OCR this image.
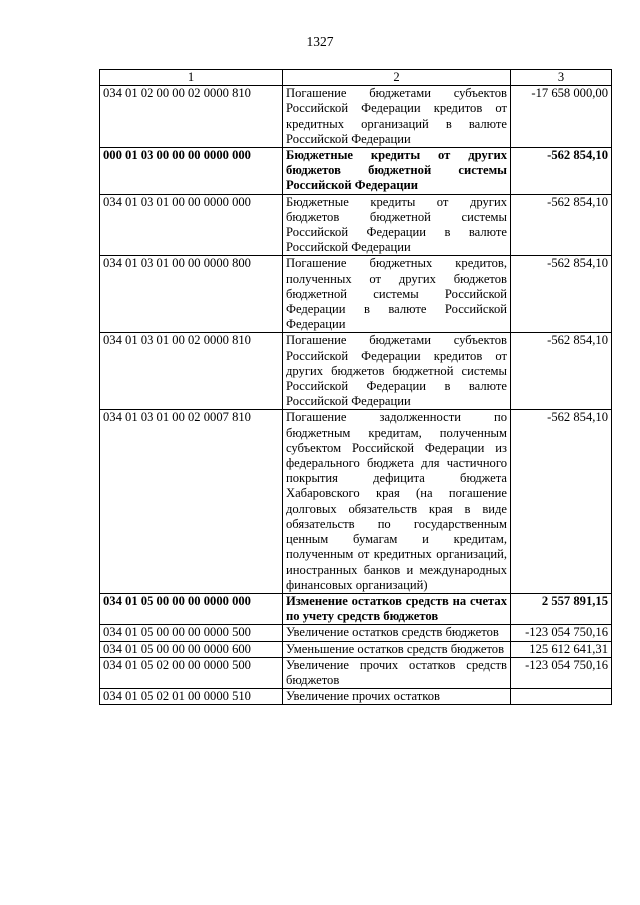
1327
1	2	3
034 01 02 00 00 02 0000 810	Погашение бюджетами субъектов Российской Федерации кредитов от кредитных организаций в валюте Российской Федерации	-17 658 000,00
000 01 03 00 00 00 0000 000	Бюджетные кредиты от других бюджетов бюджетной системы Российской Федерации	-562 854,10
034 01 03 01 00 00 0000 000	Бюджетные кредиты от других бюджетов бюджетной системы Российской Федерации в валюте Российской Федерации	-562 854,10
034 01 03 01 00 00 0000 800	Погашение бюджетных кредитов, полученных от других бюджетов бюджетной системы Российской Федерации в валюте Российской Федерации	-562 854,10
034 01 03 01 00 02 0000 810	Погашение бюджетами субъектов Российской Федерации кредитов от других бюджетов бюджетной системы Российской Федерации в валюте Российской Федерации	-562 854,10
034 01 03 01 00 02 0007 810	Погашение задолженности по бюджетным кредитам, полученным субъектом Российской Федерации из федерального бюджета для частичного покрытия дефицита бюджета Хабаровского края (на погашение долговых обязательств края в виде обязательств по государственным ценным бумагам и кредитам, полученным от кредитных организаций, иностранных банков и международных финансовых организаций)	-562 854,10
034 01 05 00 00 00 0000 000	Изменение остатков средств на счетах по учету средств бюджетов	2 557 891,15
034 01 05 00 00 00 0000 500	Увеличение остатков средств бюджетов	-123 054 750,16
034 01 05 00 00 00 0000 600	Уменьшение остатков средств бюджетов	125 612 641,31
034 01 05 02 00 00 0000 500	Увеличение прочих остатков средств бюджетов	-123 054 750,16
034 01 05 02 01 00 0000 510	Увеличение прочих остатков	
